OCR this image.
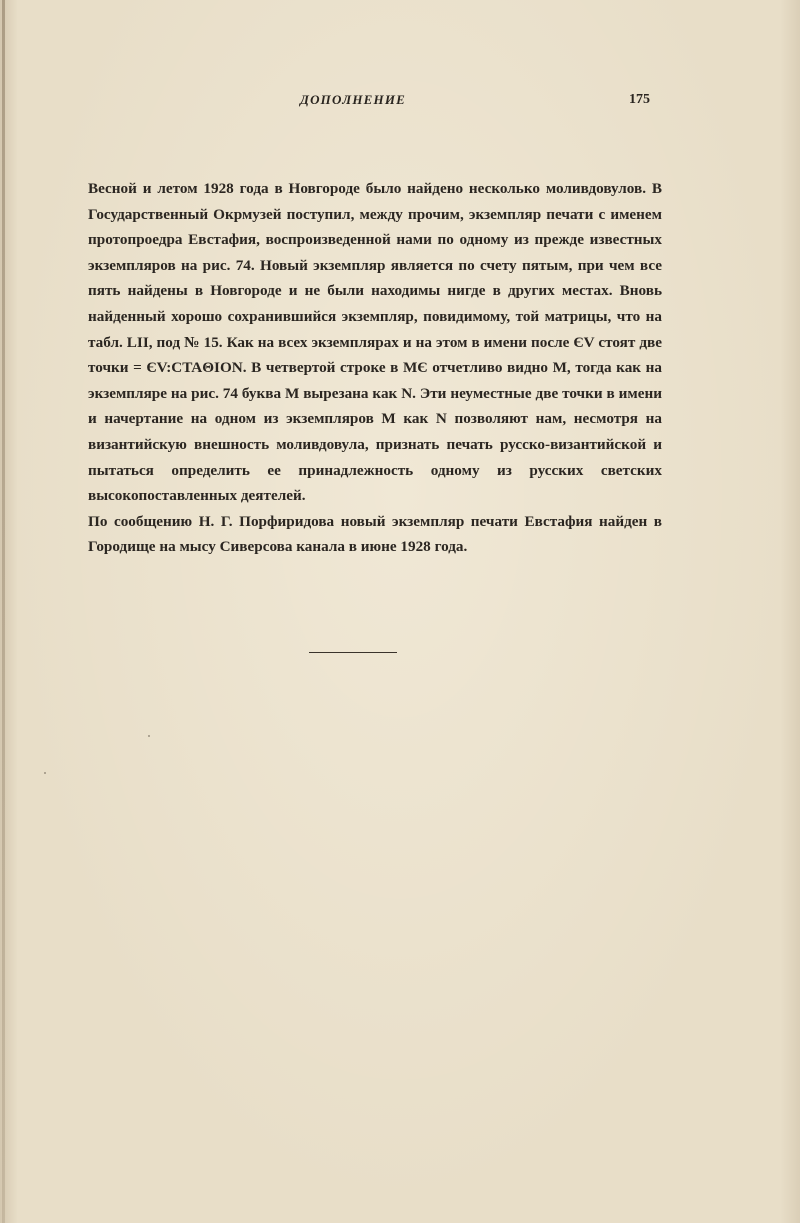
ДОПОЛНЕНИЕ	175

Весной и летом 1928 года в Новгороде было найдено несколько моливдовулов. В Государственный Окрмузей поступил, между прочим, экземпляр печати с именем протопроедра Евстафия, воспроизведенной нами по одному из прежде известных экземпляров на рис. 74. Новый экземпляр является по счету пятым, при чем все пять найдены в Новгороде и не были находимы нигде в других местах. Вновь найденный хорошо сохранившийся экземпляр, повидимому, той матрицы, что на табл. LII, под № 15. Как на всех экземплярах и на этом в имени после ЄV стоят две точки = ЄV:CTAΘION. В четвертой строке в MЄ отчетливо видно M, тогда как на экземпляре на рис. 74 буква M вырезана как N. Эти неуместные две точки в имени и начертание на одном из экземпляров M как N позволяют нам, несмотря на византийскую внешность моливдовула, признать печать русско-византийской и пытаться определить ее принадлежность одному из русских светских высокопоставленных деятелей.

По сообщению Н. Г. Порфиридова новый экземпляр печати Евстафия найден в Городище на мысу Сиверсова канала в июне 1928 года.
